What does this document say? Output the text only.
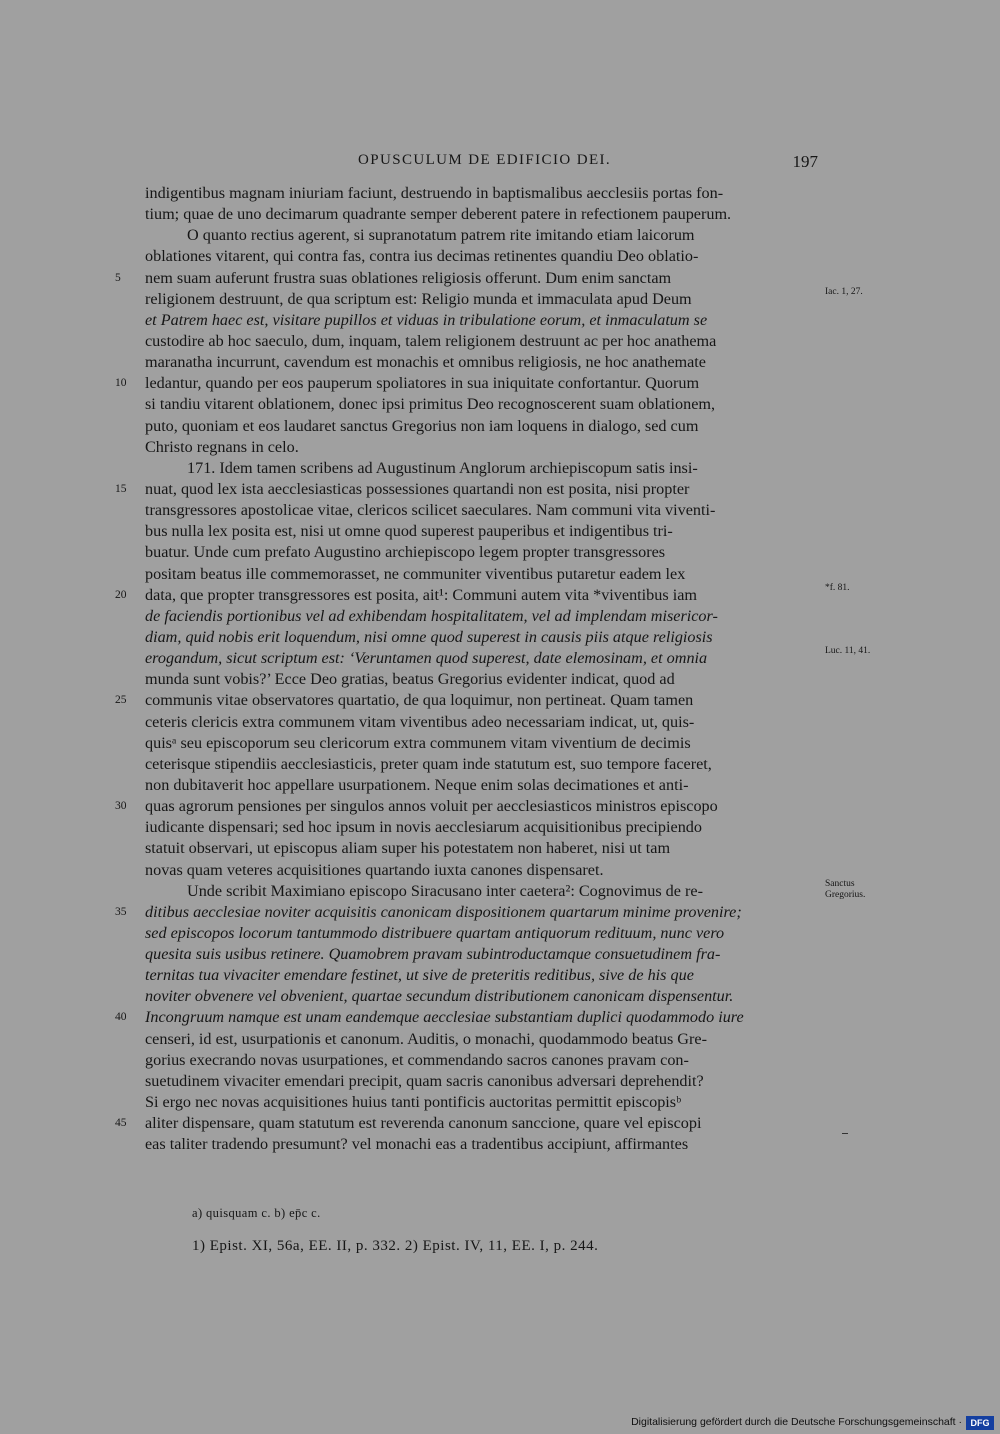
OPUSCULUM DE EDIFICIO DEI.	197
indigentibus magnam iniuriam faciunt, destruendo in baptismalibus aecclesiis portas fon-
tium; quae de uno decimarum quadrante semper deberent patere in refectionem pauperum.
O quanto rectius agerent, si supranotatum patrem rite imitando etiam laicorum
oblationes vitarent, qui contra fas, contra ius decimas retinentes quandiu Deo oblatio-
5	nem suam auferunt frustra suas oblationes religiosis offerunt. Dum enim sanctam
religionem destruunt, de qua scriptum est: Religio munda et immaculata apud Deum	Iac. 1, 27.
et Patrem haec est, visitare pupillos et viduas in tribulatione eorum, et inmaculatum se
custodire ab hoc saeculo, dum, inquam, talem religionem destruunt ac per hoc anathema
maranatha incurrunt, cavendum est monachis et omnibus religiosis, ne hoc anathemate
10	ledantur, quando per eos pauperum spoliatores in sua iniquitate confortantur. Quorum
si tandiu vitarent oblationem, donec ipsi primitus Deo recognoscerent suam oblationem,
puto, quoniam et eos laudaret sanctus Gregorius non iam loquens in dialogo, sed cum
Christo regnans in celo.
171. Idem tamen scribens ad Augustinum Anglorum archiepiscopum satis insi-
15	nuat, quod lex ista aecclesiasticas possessiones quartandi non est posita, nisi propter
transgressores apostolicae vitae, clericos scilicet saeculares. Nam communi vita viventi-
bus nulla lex posita est, nisi ut omne quod superest pauperibus et indigentibus tri-
buatur. Unde cum prefato Augustino archiepiscopo legem propter transgressores
positam beatus ille commemorasset, ne communiter viventibus putaretur eadem lex
20	data, que propter transgressores est posita, ait¹: Communi autem vita *viventibus iam	*f. 81.
de faciendis portionibus vel ad exhibendam hospitalitatem, vel ad implendam misericor-
diam, quid nobis erit loquendum, nisi omne quod superest in causis piis atque religiosis
erogandum, sicut scriptum est: ‘Veruntamen quod superest, date elemosinam, et omnia	Luc. 11, 41.
munda sunt vobis?’ Ecce Deo gratias, beatus Gregorius evidenter indicat, quod ad
25	communis vitae observatores quartatio, de qua loquimur, non pertineat. Quam tamen
ceteris clericis extra communem vitam viventibus adeo necessariam indicat, ut, quis-
quisᵃ seu episcoporum seu clericorum extra communem vitam viventium de decimis
ceterisque stipendiis aecclesiasticis, preter quam inde statutum est, suo tempore faceret,
non dubitaverit hoc appellare usurpationem. Neque enim solas decimationes et anti-
30	quas agrorum pensiones per singulos annos voluit per aecclesiasticos ministros episcopo
iudicante dispensari; sed hoc ipsum in novis aecclesiarum acquisitionibus precipiendo
statuit observari, ut episcopus aliam super his potestatem non haberet, nisi ut tam
novas quam veteres acquisitiones quartando iuxta canones dispensaret.
Unde scribit Maximiano episcopo Siracusano inter caetera²: Cognovimus de re-	Sanctus Gregorius.
35	ditibus aecclesiae noviter acquisitis canonicam dispositionem quartarum minime provenire;
sed episcopos locorum tantummodo distribuere quartam antiquorum redituum, nunc vero
quesita suis usibus retinere. Quamobrem pravam subintroductamque consuetudinem fra-
ternitas tua vivaciter emendare festinet, ut sive de preteritis reditibus, sive de his que
noviter obvenere vel obvenient, quartae secundum distributionem canonicam dispensentur.
40	Incongruum namque est unam eandemque aecclesiae substantiam duplici quodammodo iure
censeri, id est, usurpationis et canonum. Auditis, o monachi, quodammodo beatus Gre-
gorius execrando novas usurpationes, et commendando sacros canones pravam con-
suetudinem vivaciter emendari precipit, quam sacris canonibus adversari deprehendit?
Si ergo nec novas acquisitiones huius tanti pontificis auctoritas permittit episcopisᵇ
45	aliter dispensare, quam statutum est reverenda canonum sanccione, quare vel episcopi
eas taliter tradendo presumunt? vel monachi eas a tradentibus accipiunt, affirmantes
a) quisquam c. b) ep̄c c.
1) Epist. XI, 56a, EE. II, p. 332. 2) Epist. IV, 11, EE. I, p. 244.
Digitalisierung gefördert durch die Deutsche Forschungsgemeinschaft · DFG
